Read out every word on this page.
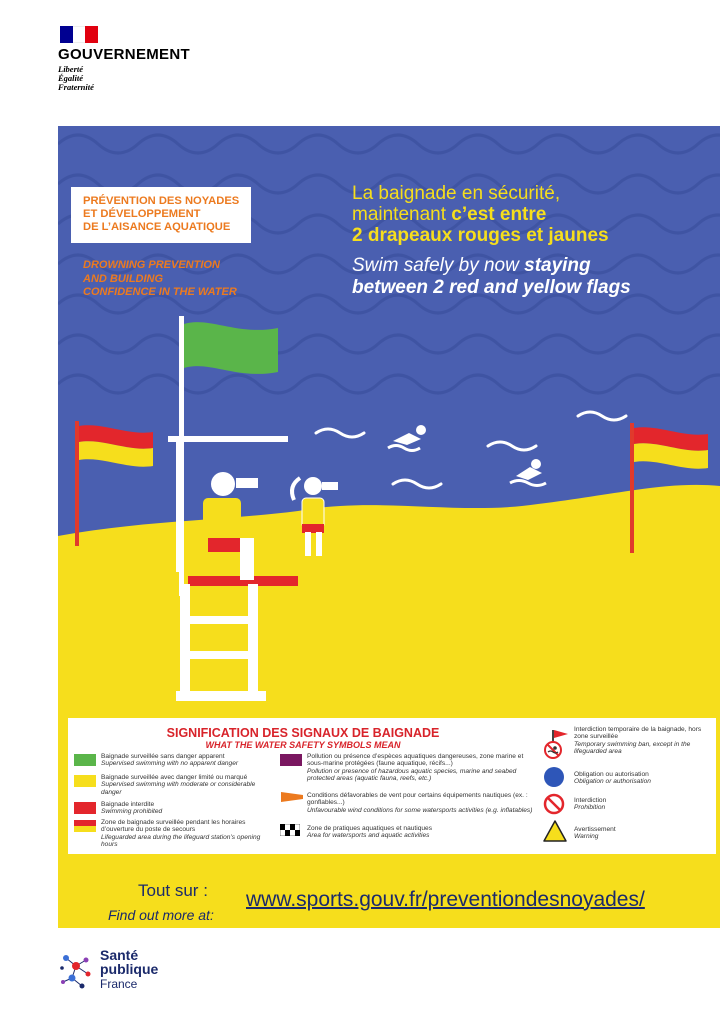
GOUVERNEMENT
Liberté
Égalité
Fraternité
PRÉVENTION DES NOYADES
ET DÉVELOPPEMENT
DE L’AISANCE AQUATIQUE
DROWNING PREVENTION
AND BUILDING
CONFIDENCE IN THE WATER
La baignade en sécurité,
maintenant c’est entre
2 drapeaux rouges et jaunes
Swim safely by now staying
between 2 red and yellow flags
SIGNIFICATION DES SIGNAUX DE BAIGNADE
WHAT THE WATER SAFETY SYMBOLS MEAN
Baignade surveillée sans danger apparent
Supervised swimming with no apparent danger
Baignade surveillée avec danger limité ou marqué
Supervised swimming with moderate or considerable danger
Baignade interdite
Swimming prohibited
Zone de baignade surveillée pendant les horaires d’ouverture du poste de secours
Lifeguarded area during the lifeguard station’s opening hours
Pollution ou présence d’espèces aquatiques dangereuses, zone marine et sous-marine protégées (faune aquatique, récifs...)
Pollution or presence of hazardous aquatic species, marine and seabed protected areas (aquatic fauna, reefs, etc.)
Conditions défavorables de vent pour certains équipements nautiques (ex. : gonflables...)
Unfavourable wind conditions for some watersports activities (e.g. inflatables)
Zone de pratiques aquatiques et nautiques
Area for watersports and aquatic activities
Interdiction temporaire de la baignade, hors zone surveillée
Temporary swimming ban, except in the lifeguarded area
Obligation ou autorisation
Obligation or authorisation
Interdiction
Prohibition
Avertissement
Warning
Tout sur :
Find out more at:
www.sports.gouv.fr/preventiondesnoyades/
Santé
publique
France
